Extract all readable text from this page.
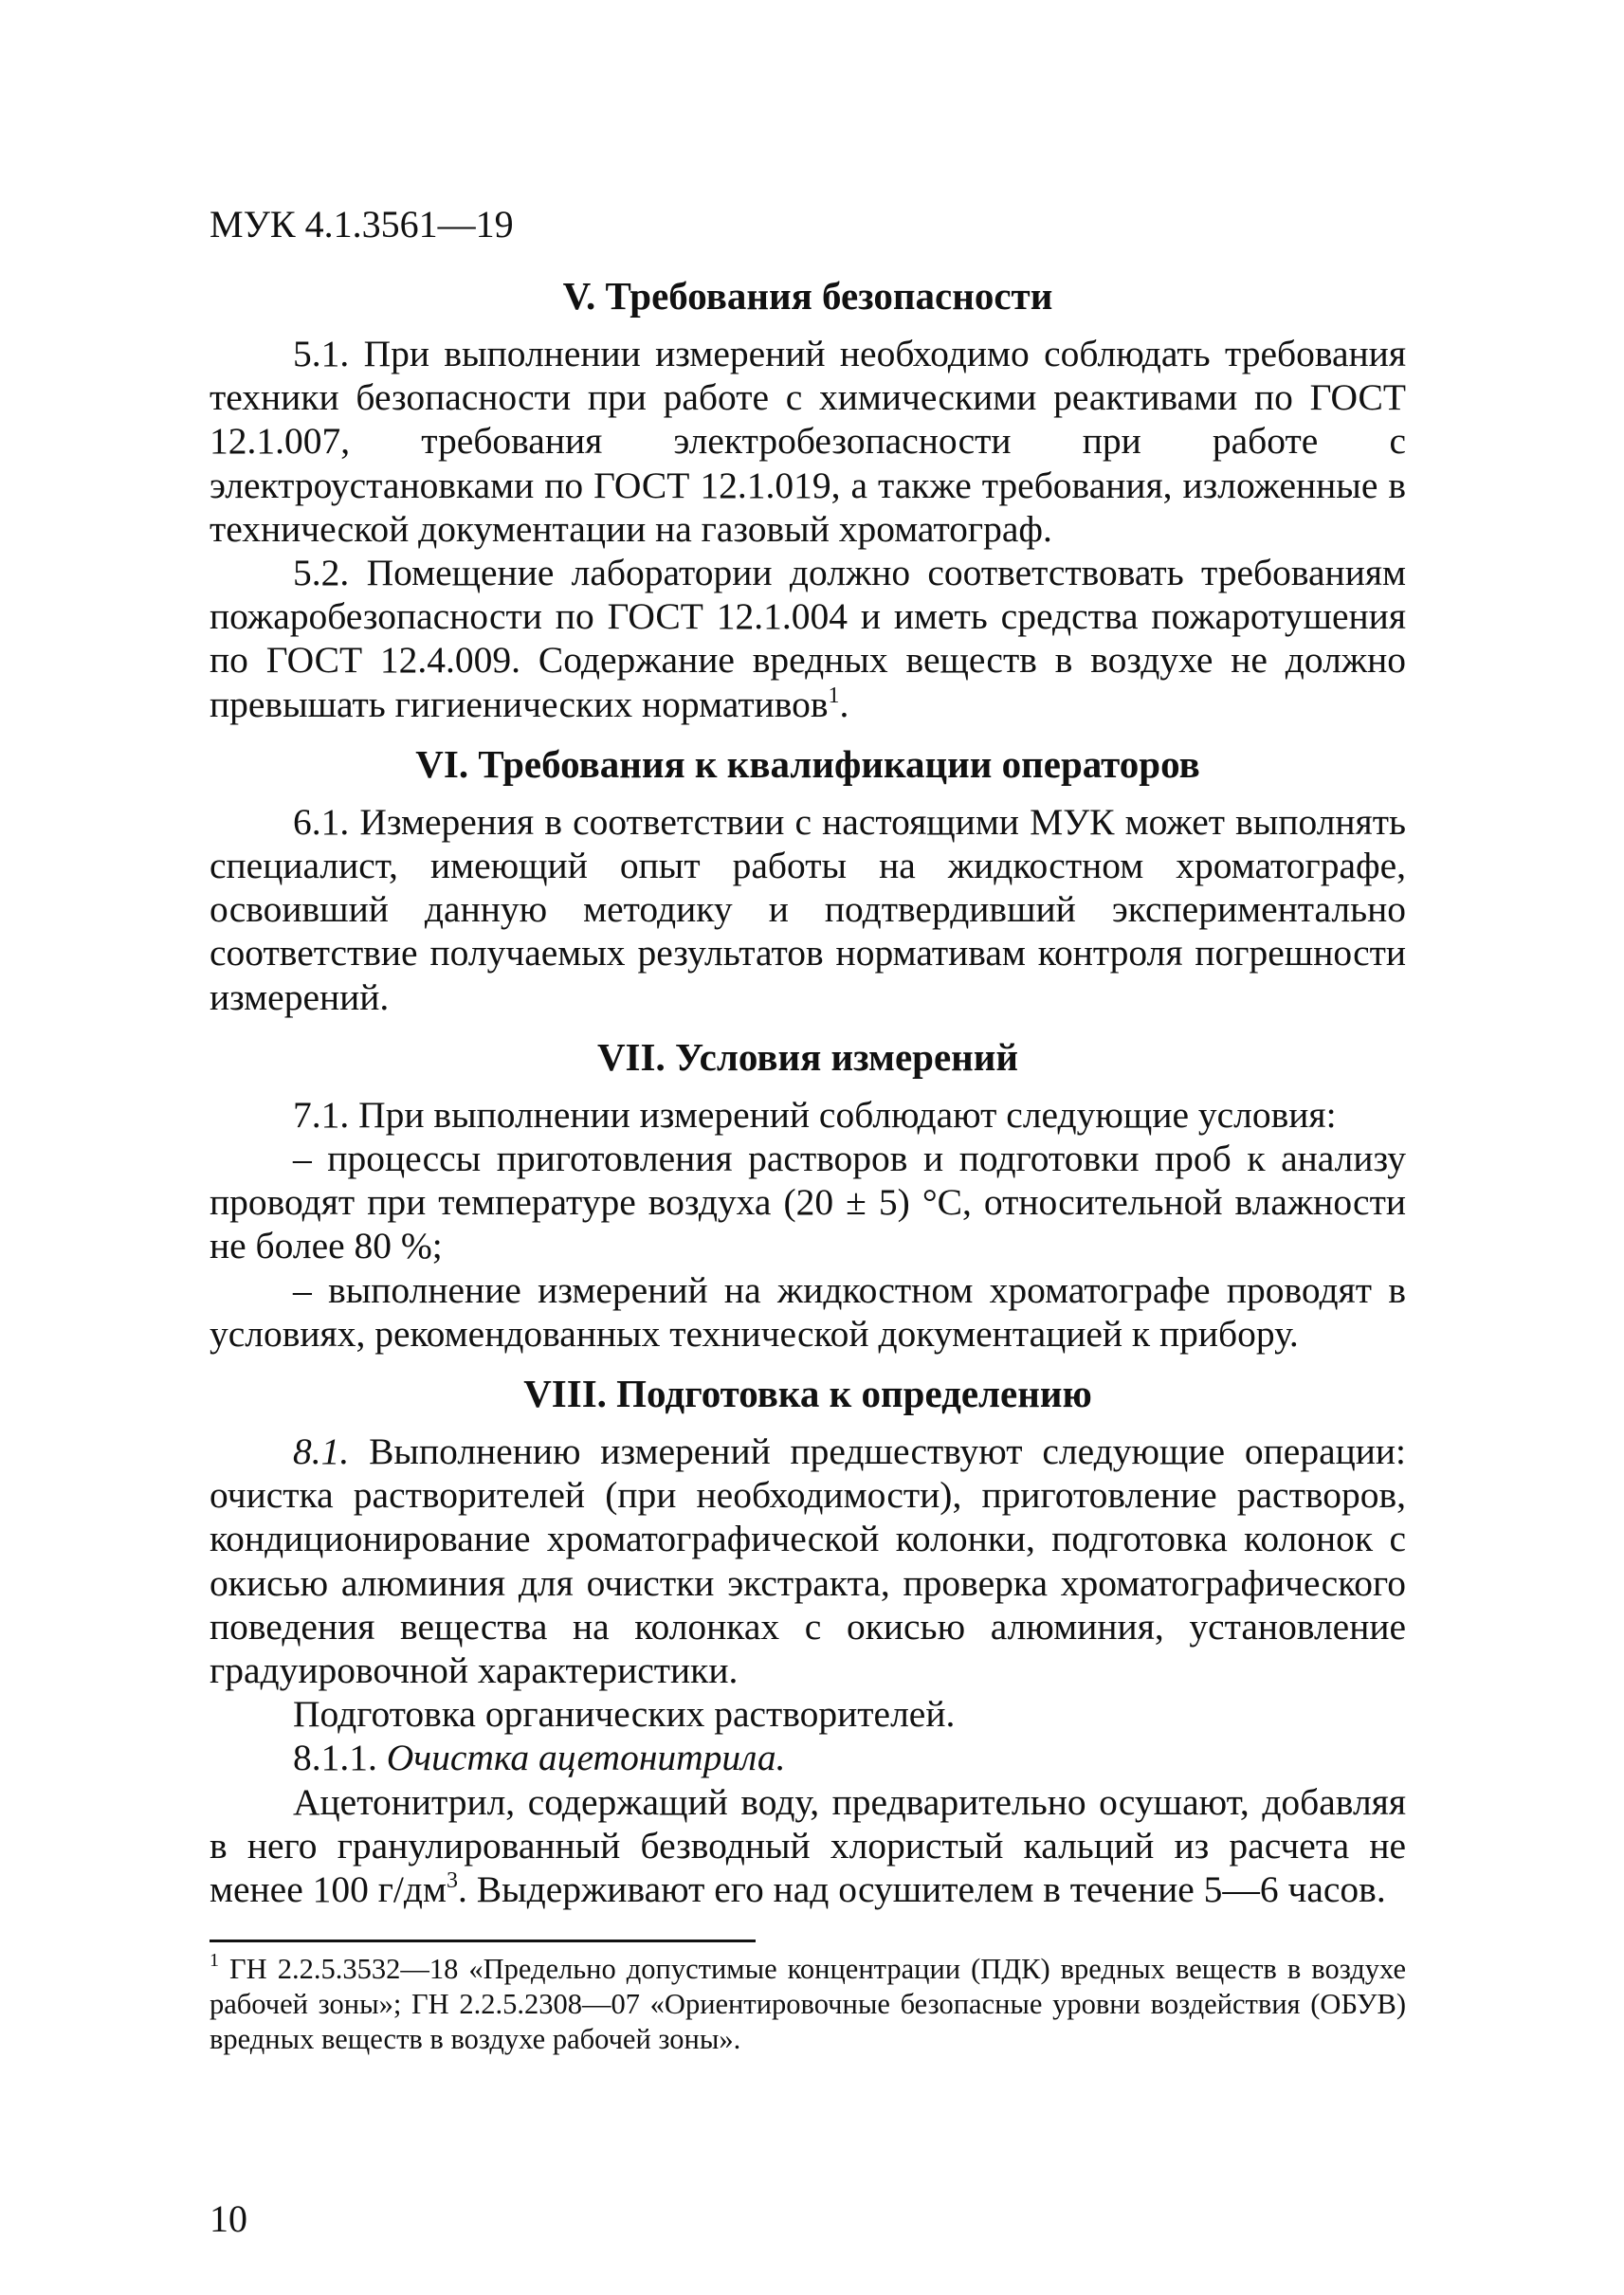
МУК 4.1.3561—19
V. Требования безопасности

5.1. При выполнении измерений необходимо соблюдать требования техники безопасности при работе с химическими реактивами по ГОСТ 12.1.007, требования электробезопасности при работе с электроустановками по ГОСТ 12.1.019, а также требования, изложенные в технической документации на газовый хроматограф.

5.2. Помещение лаборатории должно соответствовать требованиям пожаробезопасности по ГОСТ 12.1.004 и иметь средства пожаротушения по ГОСТ 12.4.009. Содержание вредных веществ в воздухе не должно превышать гигиенических нормативов$^1$.

VI. Требования к квалификации операторов

6.1. Измерения в соответствии с настоящими МУК может выполнять специалист, имеющий опыт работы на жидкостном хроматографе, освоивший данную методику и подтвердивший экспериментально соответствие получаемых результатов нормативам контроля погрешности измерений.

VII. Условия измерений

7.1. При выполнении измерений соблюдают следующие условия:

– процессы приготовления растворов и подготовки проб к анализу проводят при температуре воздуха (20 ± 5) °С, относительной влажности не более 80 %;

– выполнение измерений на жидкостном хроматографе проводят в условиях, рекомендованных технической документацией к прибору.

VIII. Подготовка к определению

8.1. Выполнению измерений предшествуют следующие операции: очистка растворителей (при необходимости), приготовление растворов, кондиционирование хроматографической колонки, подготовка колонок с окисью алюминия для очистки экстракта, проверка хроматографического поведения вещества на колонках с окисью алюминия, установление градуировочной характеристики.

Подготовка органических растворителей.

8.1.1. Очистка ацетонитрила.

Ацетонитрил, содержащий воду, предварительно осушают, добавляя в него гранулированный безводный хлористый кальций из расчета не менее 100 $г/дм^3$. Выдерживают его над осушителем в течение 5—6 часов.

$^1$ ГН 2.2.5.3532—18 «Предельно допустимые концентрации (ПДК) вредных веществ в воздухе рабочей зоны»; ГН 2.2.5.2308—07 «Ориентировочные безопасные уровни воздействия (ОБУВ) вредных веществ в воздухе рабочей зоны».

10
